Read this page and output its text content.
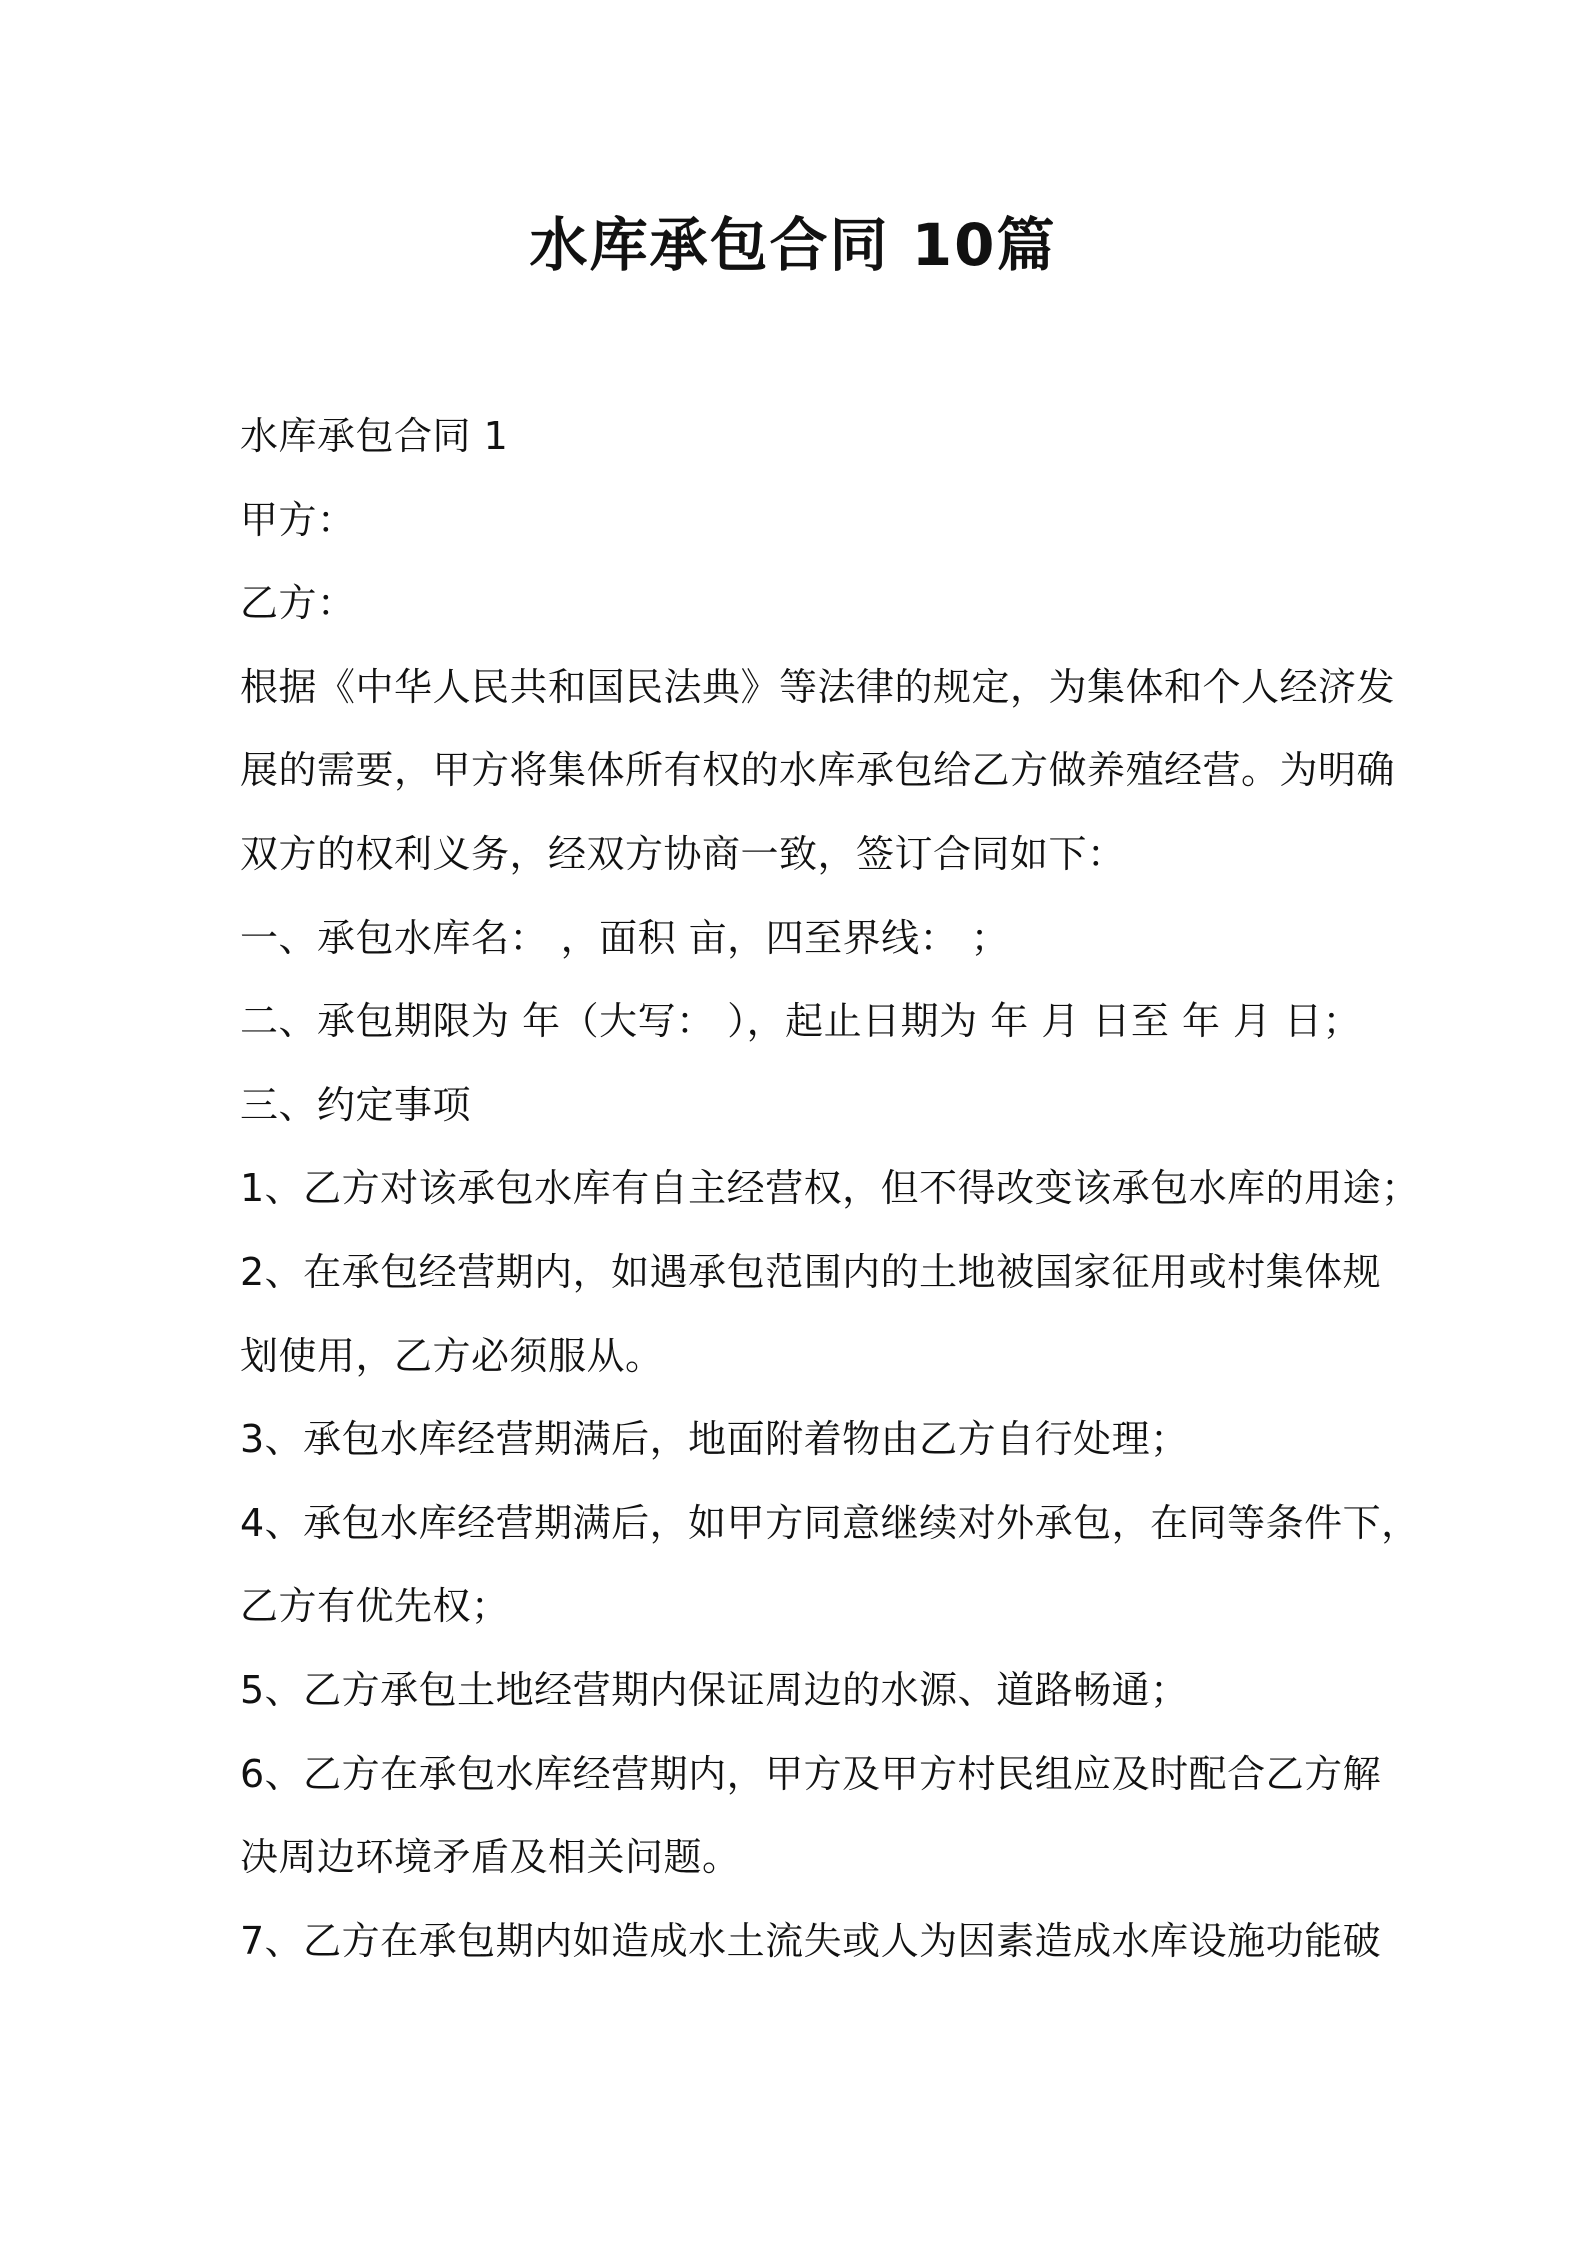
水库承包合同 10篇
水库承包合同 1
甲方：
乙方：
根据《中华人民共和国民法典》等法律的规定，为集体和个人经济发
展的需要，甲方将集体所有权的水库承包给乙方做养殖经营。为明确
双方的权利义务，经双方协商一致，签订合同如下：
一、承包水库名： ，面积 亩，四至界线： ；
二、承包期限为 年（大写： ），起止日期为 年 月 日至 年 月 日；
三、约定事项
1、乙方对该承包水库有自主经营权，但不得改变该承包水库的用途；
2、在承包经营期内，如遇承包范围内的土地被国家征用或村集体规
划使用，乙方必须服从。
3、承包水库经营期满后，地面附着物由乙方自行处理；
4、承包水库经营期满后，如甲方同意继续对外承包，在同等条件下，
乙方有优先权；
5、乙方承包土地经营期内保证周边的水源、道路畅通；
6、乙方在承包水库经营期内，甲方及甲方村民组应及时配合乙方解
决周边环境矛盾及相关问题。
7、乙方在承包期内如造成水土流失或人为因素造成水库设施功能破
